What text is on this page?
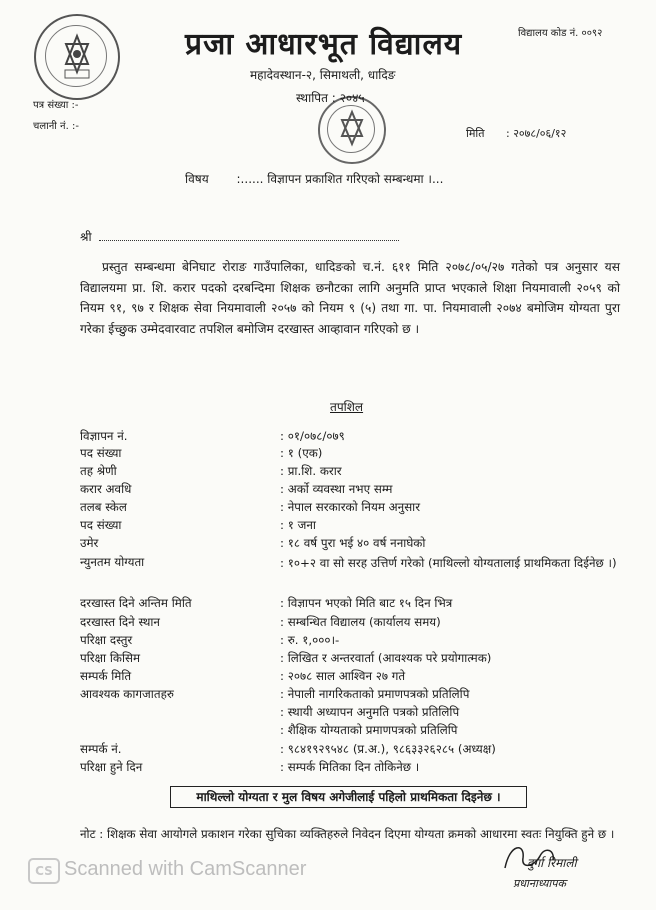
प्रजा आधारभूत विद्यालय
महादेवस्थान-२, सिमाथली, धादिङ
स्थापित : २०४५
विद्यालय कोड नं. ००९२
पत्र संख्या :-
चलानी नं. :-
मिति : २०७८/०६/१२
विषय :...... विज्ञापन प्रकाशित गरिएको सम्बन्धमा ।...
श्री
प्रस्तुत सम्बन्धमा बेनिघाट रोराङ गाउँपालिका, धादिङको च.नं. ६११ मिति २०७८/०५/२७ गतेको पत्र अनुसार यस विद्यालयमा प्रा. शि. करार पदको दरबन्दिमा शिक्षक छनौटका लागि अनुमति प्राप्त भएकाले शिक्षा नियमावाली २०५९ को नियम ९१, ९७ र शिक्षक सेवा नियमावाली २०५७ को नियम ९ (५) तथा गा. पा. नियमावाली २०७४ बमोजिम योग्यता पुरा गरेका ईच्छुक उम्मेदवारवाट तपशिल बमोजिम दरखास्त आव्हावान गरिएको छ ।
तपशिल
विज्ञापन नं.	: ०१/०७८/०७९
पद संख्या	: १ (एक)
तह श्रेणी	: प्रा.शि. करार
करार अवधि	: अर्को व्यवस्था नभए सम्म
तलब स्केल	: नेपाल सरकारको नियम अनुसार
पद संख्या	: १ जना
उमेर	: १८ वर्ष पुरा भई ४० वर्ष ननाघेको
न्युनतम योग्यता	: १०+२ वा सो सरह उत्तिर्ण गरेको (माथिल्लो योग्यतालाई प्राथमिकता दिईनेछ ।)
दरखास्त दिने अन्तिम मिति	: विज्ञापन भएको मिति बाट १५ दिन भित्र
दरखास्त दिने स्थान	: सम्बन्धित विद्यालय (कार्यालय समय)
परिक्षा दस्तुर	: रु. १,०००।-
परिक्षा किसिम	: लिखित र अन्तरवार्ता (आवश्यक परे प्रयोगात्मक)
सम्पर्क मिति	: २०७८ साल आश्विन २७ गते
आवश्यक कागजातहरु	: नेपाली नागरिकताको प्रमाणपत्रको प्रतिलिपि
: स्थायी अध्यापन अनुमति पत्रको प्रतिलिपि
: शैक्षिक योग्यताको प्रमाणपत्रको प्रतिलिपि
सम्पर्क नं.	: ९८४१९२९५४८ (प्र.अ.), ९८६३३२६२८५ (अध्यक्ष)
परिक्षा हुने दिन	: सम्पर्क मितिका दिन तोकिनेछ ।
माथिल्लो योग्यता र मुल विषय अगेजीलाई पहिलो प्राथमिकता दिइनेछ ।
नोट : शिक्षक सेवा आयोगले प्रकाशन गरेका सुचिका व्यक्तिहरुले निवेदन दिएमा योग्यता क्रमको आधारमा स्वतः नियुक्ति हुने छ ।
दुर्गा रिमाली
प्रधानाध्यापक
CS Scanned with CamScanner
